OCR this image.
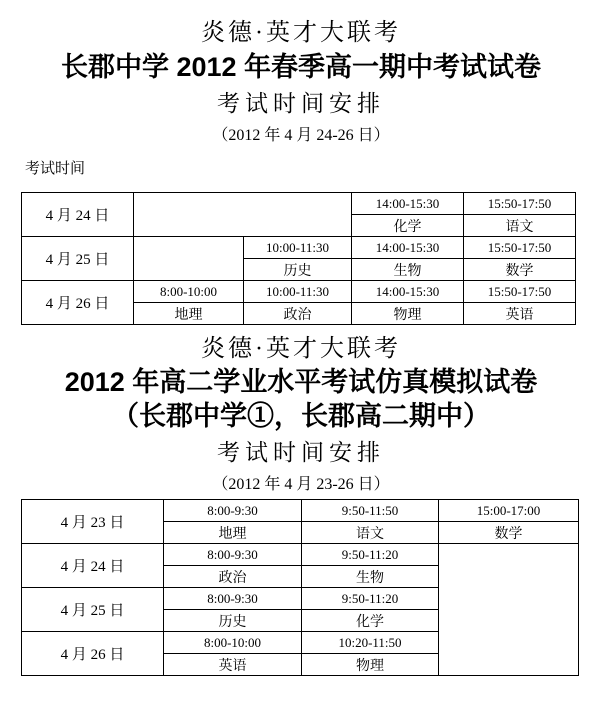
炎德·英才大联考
长郡中学 2012 年春季高一期中考试试卷
考试时间安排
（2012 年 4 月 24-26 日）
考试时间
4 月 24 日			14:00-15:30	15:50-17:50
			化学	语文
4 月 25 日		10:00-11:30	14:00-15:30	15:50-17:50
		历史	生物	数学
4 月 26 日	8:00-10:00	10:00-11:30	14:00-15:30	15:50-17:50
	地理	政治	物理	英语
炎德·英才大联考
2012 年高二学业水平考试仿真模拟试卷
（长郡中学①，长郡高二期中）
考试时间安排
（2012 年 4 月 23-26 日）
4 月 23 日	8:00-9:30	9:50-11:50	15:00-17:00
	地理	语文	数学
4 月 24 日	8:00-9:30	9:50-11:20	
	政治	生物	
4 月 25 日	8:00-9:30	9:50-11:20	
	历史	化学	
4 月 26 日	8:00-10:00	10:20-11:50	
	英语	物理	
